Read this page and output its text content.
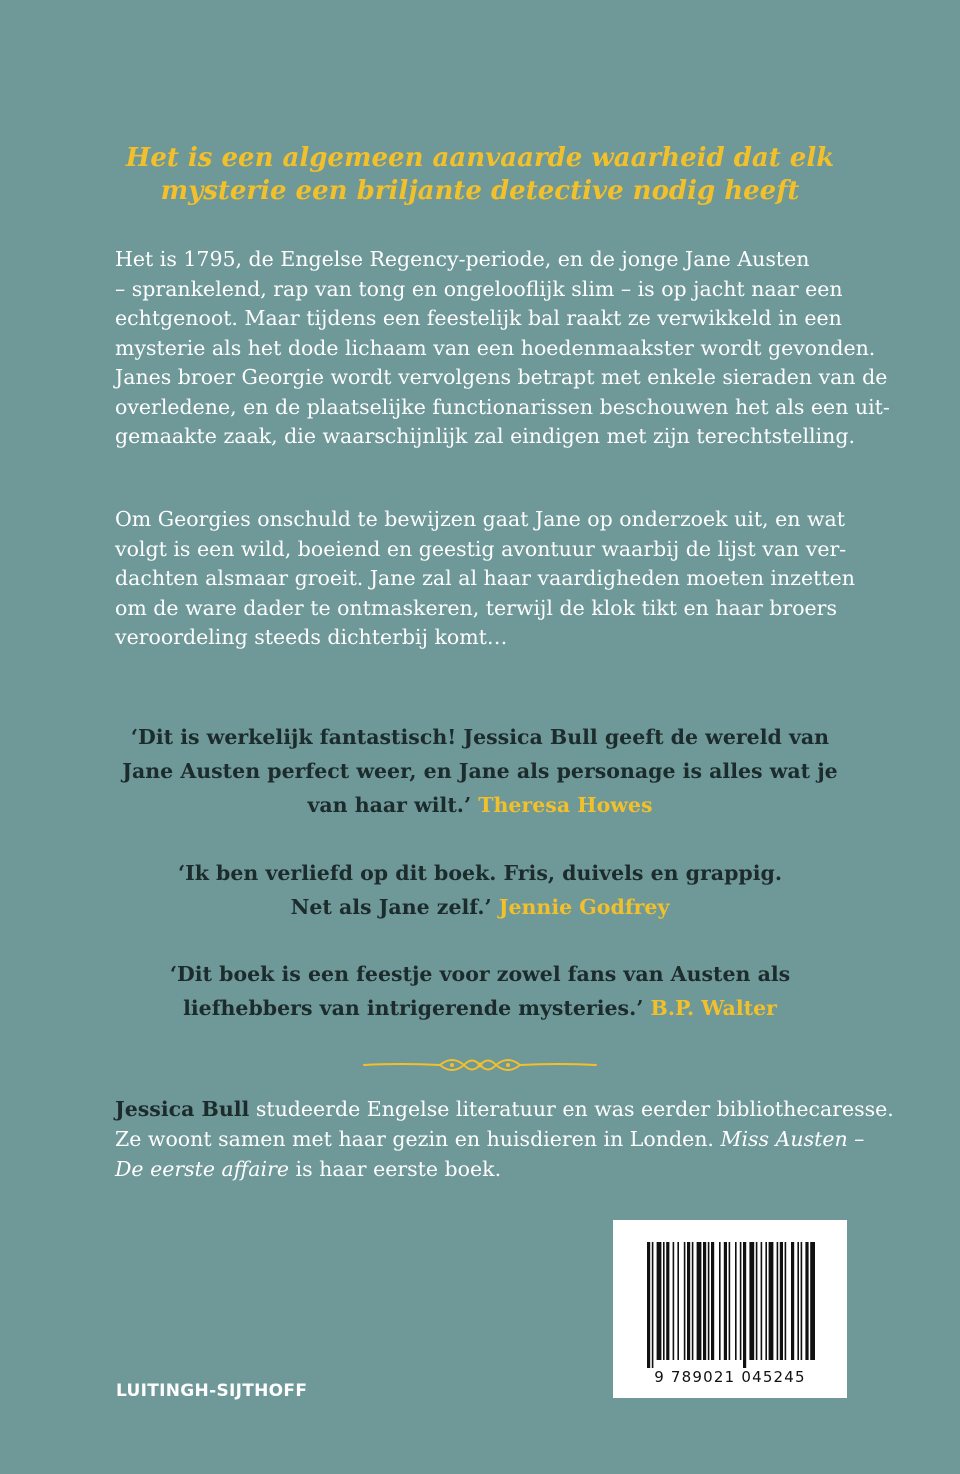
Het is een algemeen aanvaarde waarheid dat elk
mysterie een briljante detective nodig heeft
Het is 1795, de Engelse Regency-periode, en de jonge Jane Austen
– sprankelend, rap van tong en ongelooflijk slim – is op jacht naar een
echtgenoot. Maar tijdens een feestelijk bal raakt ze verwikkeld in een
mysterie als het dode lichaam van een hoedenmaakster wordt gevonden.
Janes broer Georgie wordt vervolgens betrapt met enkele sieraden van de
overledene, en de plaatselijke functionarissen beschouwen het als een uit-
gemaakte zaak, die waarschijnlijk zal eindigen met zijn terechtstelling.
Om Georgies onschuld te bewijzen gaat Jane op onderzoek uit, en wat
volgt is een wild, boeiend en geestig avontuur waarbij de lijst van ver-
dachten alsmaar groeit. Jane zal al haar vaardigheden moeten inzetten
om de ware dader te ontmaskeren, terwijl de klok tikt en haar broers
veroordeling steeds dichterbij komt…
‘Dit is werkelijk fantastisch! Jessica Bull geeft de wereld van
Jane Austen perfect weer, en Jane als personage is alles wat je
van haar wilt.’ Theresa Howes
‘Ik ben verliefd op dit boek. Fris, duivels en grappig.
Net als Jane zelf.’ Jennie Godfrey
‘Dit boek is een feestje voor zowel fans van Austen als
liefhebbers van intrigerende mysteries.’ B.P. Walter
Jessica Bull studeerde Engelse literatuur en was eerder bibliothecaresse.
Ze woont samen met haar gezin en huisdieren in Londen. Miss Austen –
De eerste affaire is haar eerste boek.
LUITINGH-SIJTHOFF
9 789021 045245
